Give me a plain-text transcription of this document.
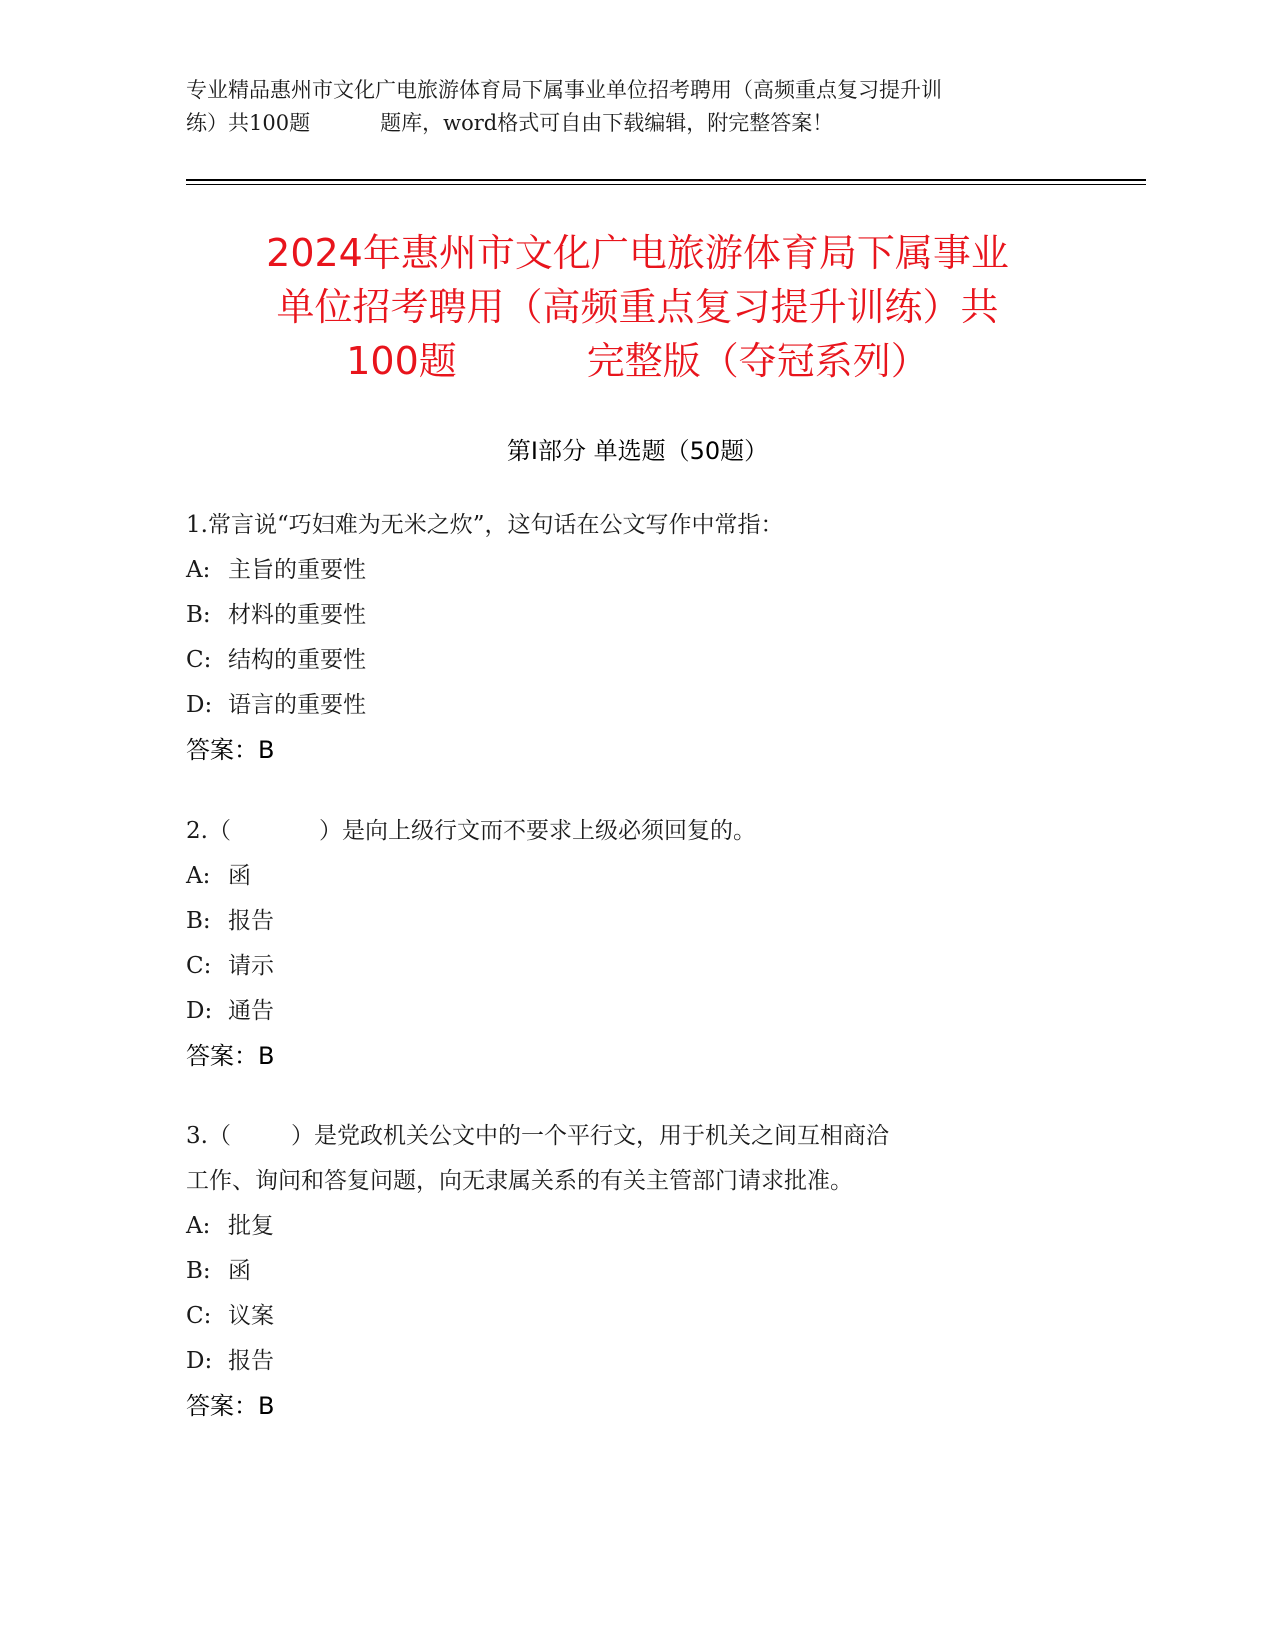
专业精品惠州市文化广电旅游体育局下属事业单位招考聘用（高频重点复习提升训
练）共100题	题库，word格式可自由下载编辑，附完整答案！
2024年惠州市文化广电旅游体育局下属事业
单位招考聘用（高频重点复习提升训练）共
100题	完整版（夺冠系列）
第Ⅰ部分 单选题（50题）
1.常言说“巧妇难为无米之炊”，这句话在公文写作中常指：
A: 主旨的重要性
B: 材料的重要性
C: 结构的重要性
D: 语言的重要性
答案：B
2.（	）是向上级行文而不要求上级必须回复的。
A: 函
B: 报告
C: 请示
D: 通告
答案：B
3.（	）是党政机关公文中的一个平行文，用于机关之间互相商洽
工作、询问和答复问题，向无隶属关系的有关主管部门请求批准。
A: 批复
B: 函
C: 议案
D: 报告
答案：B
